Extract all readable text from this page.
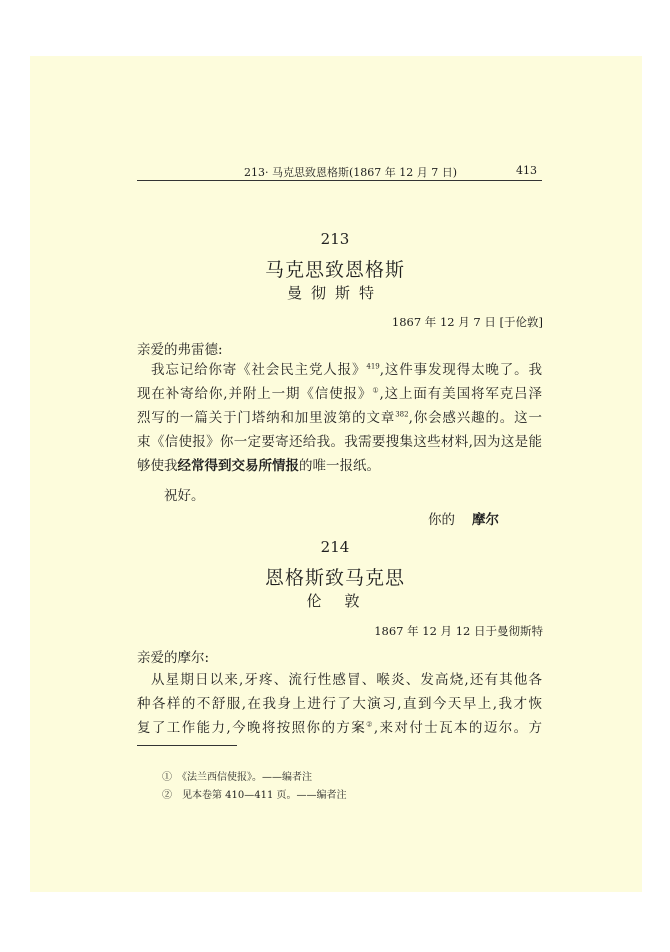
213· 马克思致恩格斯(1867 年 12 月 7 日)	413
213
马克思致恩格斯
曼彻斯特
1867 年 12 月 7 日 [于伦敦]
亲爱的弗雷德:
我忘记给你寄《社会民主党人报》$^{419}$,这件事发现得太晚了。我
现在补寄给你,并附上一期《信使报》①,这上面有美国将军克吕泽
烈写的一篇关于门塔纳和加里波第的文章$^{382}$,你会感兴趣的。这一
束《信使报》你一定要寄还给我。我需要搜集这些材料,因为这是能
够使我经常得到交易所情报的唯一报纸。
祝好。
你的 摩尔
214
恩格斯致马克思
伦　敦
1867 年 12 月 12 日于曼彻斯特
亲爱的摩尔:
从星期日以来,牙疼、流行性感冒、喉炎、发高烧,还有其他各
种各样的不舒服,在我身上进行了大演习,直到今天早上,我才恢
复了工作能力,今晚将按照你的方案②,来对付士瓦本的迈尔。方
①　《法兰西信使报》。——编者注
②　见本卷第 410—411 页。——编者注
